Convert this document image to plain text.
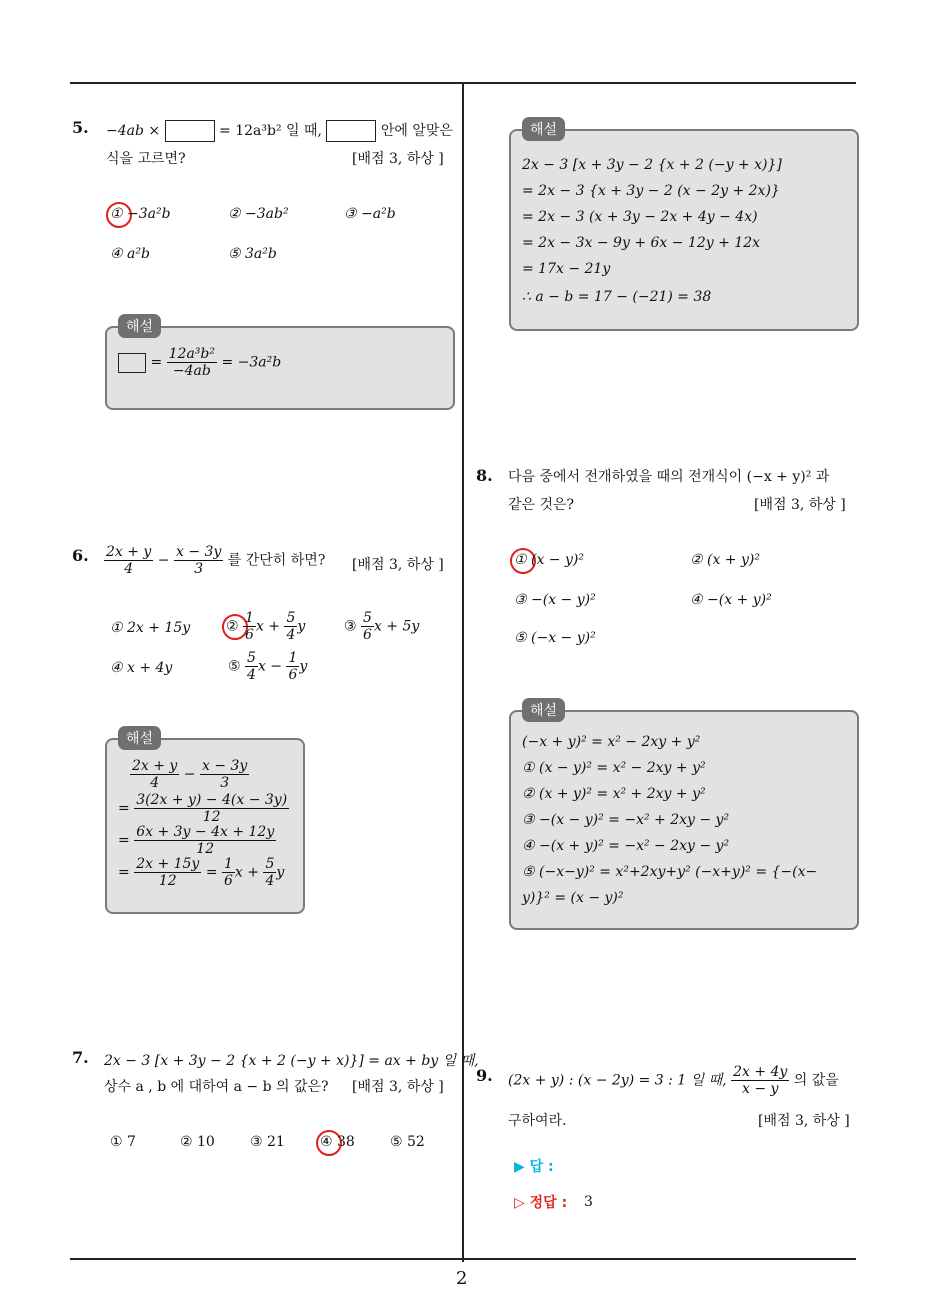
5. −4ab ×	= 12a³b² 일 때,	안에 알맞은
식을 고르면?	[배점 3, 하상 ]
① −3a²b	② −3ab²	③ −a²b
④ a²b	⑤ 3a²b
해설
= $\frac{\text{12a³b²}}{-4ab} = -3a^2b$
6. $\frac{2x + y}{4} - \frac{x - 3y}{3}$ 를 간단히 하면? [배점 3, 하상 ]
① 2x + 15y	② $\frac{1}{6}$ $x + \frac{5}{4}$ y	③ $\frac{5}{6}$ x + 5y
④ x + 4y	⑤ $\frac{5}{4}$ $x - \frac{1}{6}$ y
해설
$\frac{2x + y}{4} - \frac{x - 3y}{3}$
= $\frac{3(2x + y) - 4(x - 3y)}{12}$
= $\frac{6x + 3y - 4x + 12y}{12}$
= $\frac{2x + 15y}{12} = \frac{1}{6}$ $x + \frac{5}{4}$ y
7. 2x − 3 [x + 3y − 2 {x + 2 (−y + x)}] = ax + by 일 때,
상수 a , b 에 대하여 a − b 의 값은? [배점 3, 하상 ]
① 7	② 10	③ 21	④ 38	⑤ 52
해설
2x − 3 [x + 3y − 2 {x + 2 (−y + x)}]
= 2x − 3 {x + 3y − 2 (x − 2y + 2x)}
= 2x − 3 (x + 3y − 2x + 4y − 4x)
= 2x − 3x − 9y + 6x − 12y + 12x
= 17x − 21y
∴ a − b = 17 − (−21) = 38
8. 다음 중에서 전개하였을 때의 전개식이 (−x + y)² 과
같은 것은?	[배점 3, 하상 ]
① (x − y)²	② (x + y)²
③ −(x − y)²	④ −(x + y)²
⑤ (−x − y)²
해설
(−x + y)² = x² − 2xy + y²
① (x − y)² = x² − 2xy + y²
② (x + y)² = x² + 2xy + y²
③ −(x − y)² = −x² + 2xy − y²
④ −(x + y)² = −x² − 2xy − y²
⑤ (−x−y)² = x²+2xy+y² (−x+y)² = {−(x−
y)}² = (x − y)²
9. (2x + y) : (x − 2y) = 3 : 1 일 때, $\frac{2x + 4y}{x - y}$ 의 값을
구하여라.	[배점 3, 하상 ]
▶ 답 :
▷ 정답 : 3
2
